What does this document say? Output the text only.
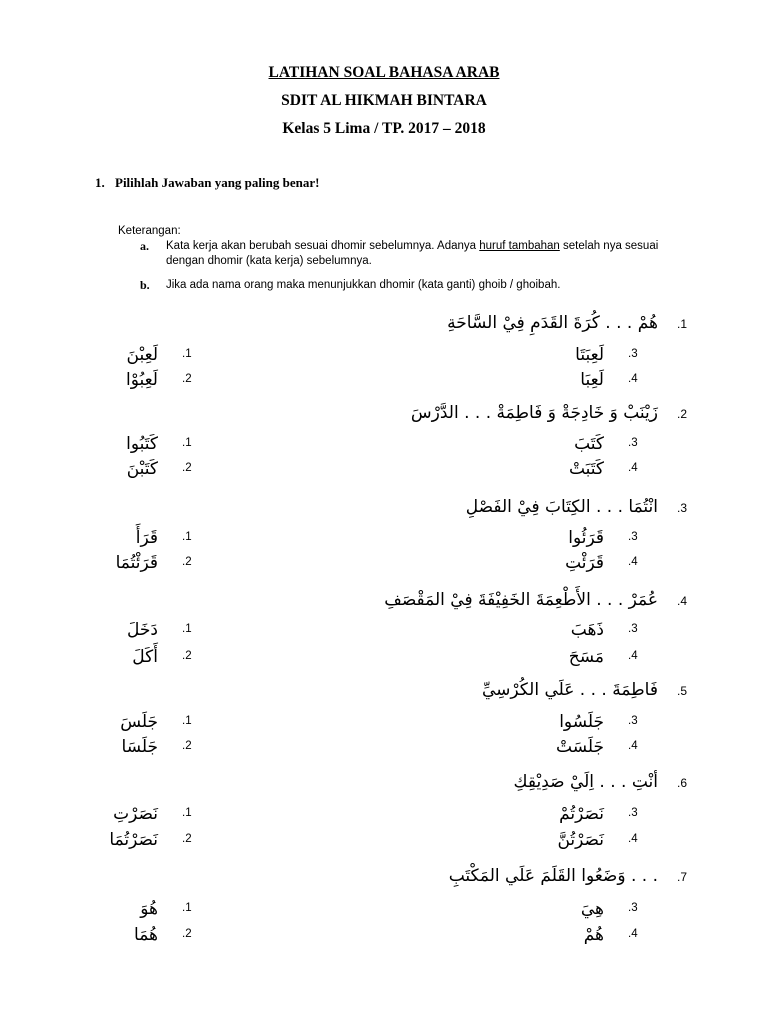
LATIHAN SOAL BAHASA ARAB
SDIT AL HIKMAH BINTARA
Kelas 5 Lima / TP. 2017 – 2018
1. Pilihlah Jawaban yang paling benar!
Keterangan:
a. Kata kerja akan berubah sesuai dhomir sebelumnya. Adanya huruf tambahan setelah nya sesuai dengan dhomir (kata kerja) sebelumnya.
b. Jika ada nama orang maka menunjukkan dhomir (kata ganti) ghoib / ghoibah.
هُمْ . . . كُرَةَ القَدَمِ فِيْ السَّاحَةِ .1
لَعِبَتَا .3
لَعِبْنَ .1
لَعِبَا .4
لَعِبُوْا .2
زَيْنَبْ وَ خَادِجَةْ وَ فَاطِمَةْ . . . الدَّرْسَ .2
كَتَبَ .3
كَتَبُوا .1
كَتَبَتْ .4
كَتَبْنَ .2
انْتُمَا . . . الكِتَابَ فِيْ الفَصْلِ .3
قَرَئُوا .3
قَرَأَ .1
قَرَئْتِ .4
قَرَئْتُمَا .2
عُمَرْ . . . الأَطْعِمَةَ الخَفِيْفَةَ فِيْ المَقْصَفِ .4
ذَهَبَ .3
دَخَلَ .1
مَسَحَ .4
أَكَلَ .2
فَاطِمَةَ . . . عَلَي الكُرْسِيِّ .5
جَلَسُوا .3
جَلَسَ .1
جَلَسَتْ .4
جَلَسَا .2
أنْتِ . . . اِلَيْ صَدِيْقِكِ .6
نَصَرْتُمْ .3
نَصَرْتِ .1
نَصَرْتُنَّ .4
نَصَرْتُمَا .2
. . . وَضَعُوا القَلَمَ عَلَي المَكْتَبِ .7
هِيَ .3
هُوَ .1
هُمْ .4
هُمَا .2
